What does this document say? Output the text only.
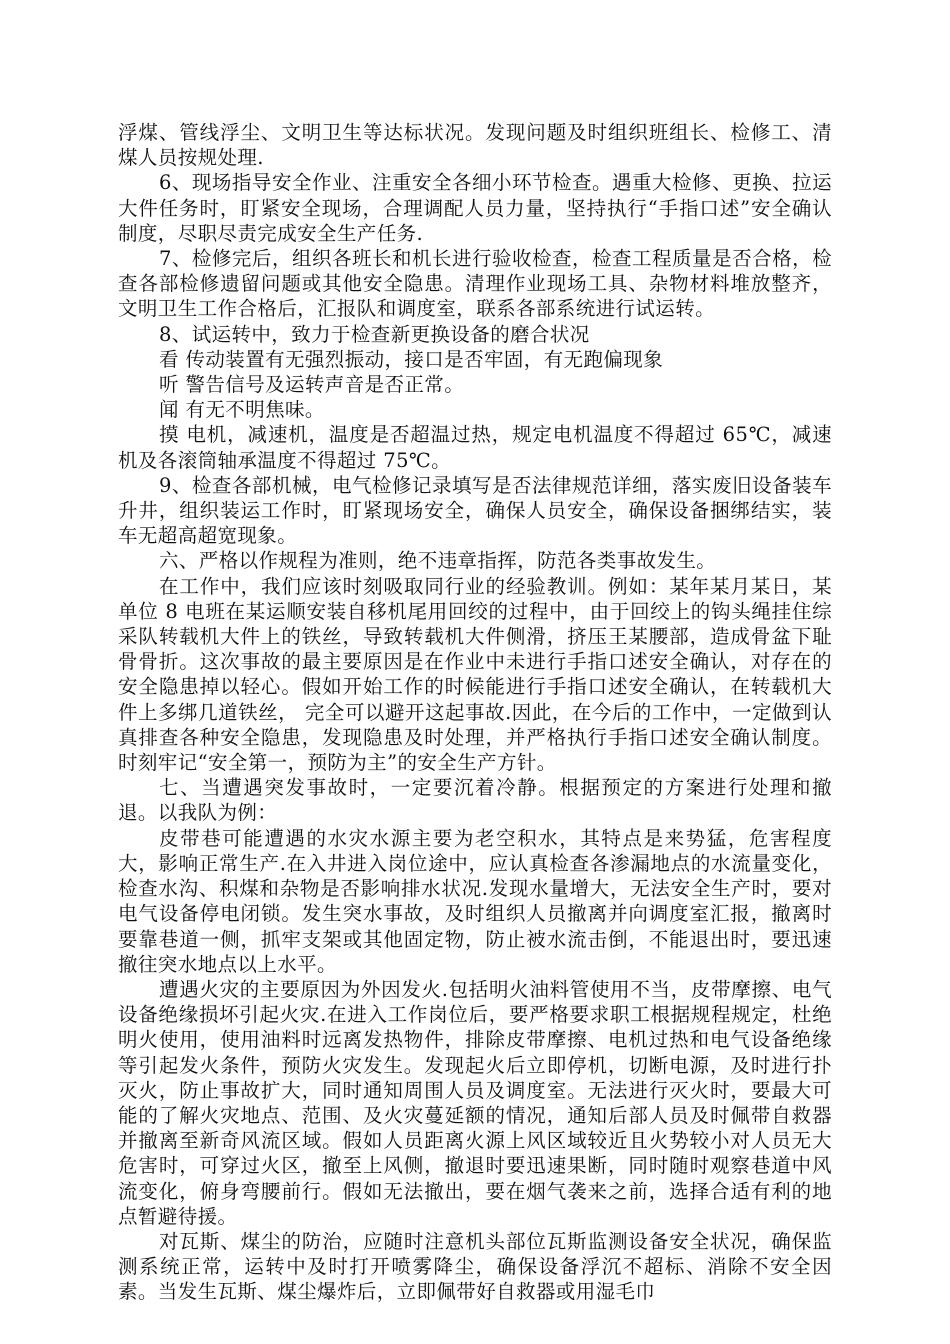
浮煤、管线浮尘、文明卫生等达标状况。发现问题及时组织班组长、检修工、清煤人员按规处理.

6、现场指导安全作业、注重安全各细小环节检查。遇重大检修、更换、拉运大件任务时，盯紧安全现场，合理调配人员力量，坚持执行“手指口述”安全确认制度，尽职尽责完成安全生产任务.

7、检修完后，组织各班长和机长进行验收检查，检查工程质量是否合格，检查各部检修遗留问题或其他安全隐患。清理作业现场工具、杂物材料堆放整齐，文明卫生工作合格后，汇报队和调度室，联系各部系统进行试运转。

8、试运转中，致力于检查新更换设备的磨合状况

看 传动装置有无强烈振动，接口是否牢固，有无跑偏现象

听 警告信号及运转声音是否正常。

闻 有无不明焦味。

摸 电机，减速机，温度是否超温过热，规定电机温度不得超过 65℃，减速机及各滚筒轴承温度不得超过 75℃。

9、检查各部机械，电气检修记录填写是否法律规范详细，落实废旧设备装车升井，组织装运工作时，盯紧现场安全，确保人员安全，确保设备捆绑结实，装车无超高超宽现象。

六、严格以作规程为准则，绝不违章指挥，防范各类事故发生。

在工作中，我们应该时刻吸取同行业的经验教训。例如：某年某月某日，某单位 8 电班在某运顺安装自移机尾用回绞的过程中，由于回绞上的钩头绳挂住综采队转载机大件上的铁丝，导致转载机大件侧滑，挤压王某腰部，造成骨盆下耻骨骨折。这次事故的最主要原因是在作业中未进行手指口述安全确认，对存在的安全隐患掉以轻心。假如开始工作的时候能进行手指口述安全确认，在转载机大件上多绑几道铁丝， 完全可以避开这起事故.因此，在今后的工作中，一定做到认真排查各种安全隐患，发现隐患及时处理，并严格执行手指口述安全确认制度。时刻牢记“安全第一，预防为主”的安全生产方针。

七、当遭遇突发事故时，一定要沉着冷静。根据预定的方案进行处理和撤退。以我队为例：

皮带巷可能遭遇的水灾水源主要为老空积水，其特点是来势猛，危害程度大，影响正常生产.在入井进入岗位途中，应认真检查各渗漏地点的水流量变化，检查水沟、积煤和杂物是否影响排水状况.发现水量增大，无法安全生产时，要对电气设备停电闭锁。发生突水事故，及时组织人员撤离并向调度室汇报，撤离时要靠巷道一侧，抓牢支架或其他固定物，防止被水流击倒，不能退出时，要迅速撤往突水地点以上水平。

遭遇火灾的主要原因为外因发火.包括明火油料管使用不当，皮带摩擦、电气设备绝缘损坏引起火灾.在进入工作岗位后，要严格要求职工根据规程规定，杜绝明火使用，使用油料时远离发热物件，排除皮带摩擦、电机过热和电气设备绝缘等引起发火条件，预防火灾发生。发现起火后立即停机，切断电源，及时进行扑灭火，防止事故扩大，同时通知周围人员及调度室。无法进行灭火时，要最大可能的了解火灾地点、范围、及火灾蔓延额的情况，通知后部人员及时佩带自救器并撤离至新奇风流区域。假如人员距离火源上风区域较近且火势较小对人员无大危害时，可穿过火区，撤至上风侧，撤退时要迅速果断，同时随时观察巷道中风流变化，俯身弯腰前行。假如无法撤出，要在烟气袭来之前，选择合适有利的地点暂避待援。

对瓦斯、煤尘的防治，应随时注意机头部位瓦斯监测设备安全状况，确保监测系统正常，运转中及时打开喷雾降尘，确保设备浮沉不超标、消除不安全因素。当发生瓦斯、煤尘爆炸后，立即佩带好自救器或用湿毛巾
